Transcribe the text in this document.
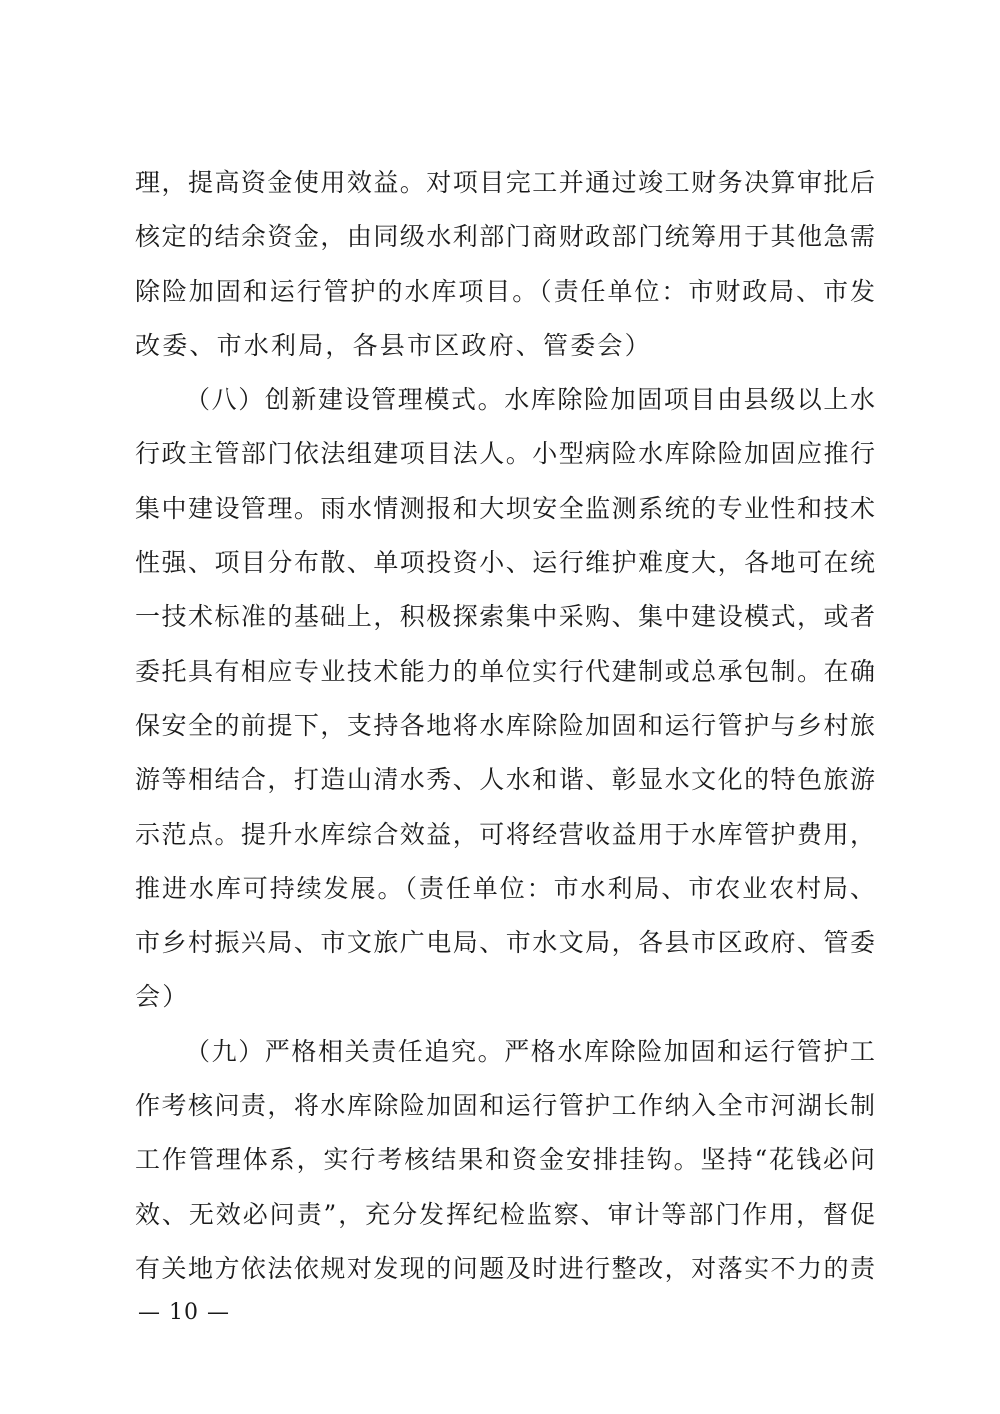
理，提高资金使用效益。对项目完工并通过竣工财务决算审批后
核定的结余资金，由同级水利部门商财政部门统筹用于其他急需
除险加固和运行管护的水库项目。（责任单位：市财政局、市发
改委、市水利局，各县市区政府、管委会）
（八）创新建设管理模式。水库除险加固项目由县级以上水
行政主管部门依法组建项目法人。小型病险水库除险加固应推行
集中建设管理。雨水情测报和大坝安全监测系统的专业性和技术
性强、项目分布散、单项投资小、运行维护难度大，各地可在统
一技术标准的基础上，积极探索集中采购、集中建设模式，或者
委托具有相应专业技术能力的单位实行代建制或总承包制。在确
保安全的前提下，支持各地将水库除险加固和运行管护与乡村旅
游等相结合，打造山清水秀、人水和谐、彰显水文化的特色旅游
示范点。提升水库综合效益，可将经营收益用于水库管护费用，
推进水库可持续发展。（责任单位：市水利局、市农业农村局、
市乡村振兴局、市文旅广电局、市水文局，各县市区政府、管委
会）
（九）严格相关责任追究。严格水库除险加固和运行管护工
作考核问责，将水库除险加固和运行管护工作纳入全市河湖长制
工作管理体系，实行考核结果和资金安排挂钩。坚持“花钱必问
效、无效必问责”，充分发挥纪检监察、审计等部门作用，督促
有关地方依法依规对发现的问题及时进行整改，对落实不力的责
— 10 —
